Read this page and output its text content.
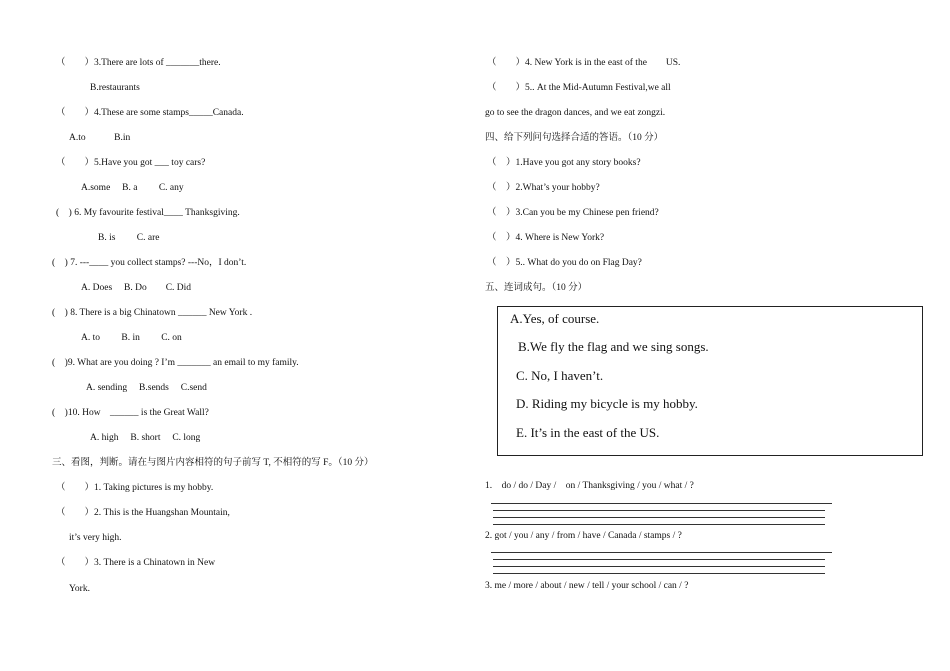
（　　）3.There are lots of _______there.
B.restaurants
（　　）4.These are some stamps_____Canada.
A.to　　　B.in
（　　）5.Have you got ___ toy cars?
A.some　 B. a　　 C. any
(　) 6. My favourite festival____ Thanksgiving.
B. is　　 C. are
(　) 7. ---____ you collect stamps? ---No，I don’t.
A. Does　 B. Do　　C. Did
(　) 8. There is a big Chinatown ______ New York .
A. to　　 B. in　　 C. on
(　)9. What are you doing ? I’m _______ an email to my family.
A. sending　 B.sends　 C.send
(　)10. How　______ is the Great Wall?
A. high　 B. short　 C. long
三、看图，判断。请在与图片内容相符的句子前写 T, 不相符的写 F。（10 分）
（　　）1. Taking pictures is my hobby.
（　　）2. This is the Huangshan Mountain,
it’s very high.
（　　）3. There is a Chinatown in New
York.
（　　）4. New York is in the east of the　　US.
（　　）5.. At the Mid-Autumn Festival,we all
go to see the dragon dances, and we eat zongzi.
四、给下列问句选择合适的答语。（10 分）
（　）1.Have you got any story books?
（　）2.What’s your hobby?
（　）3.Can you be my Chinese pen friend?
（　）4. Where is New York?
（　）5.. What do you do on Flag Day?
五、连词成句。（10 分）
A.Yes, of course.
B.We fly the flag and we sing songs.
C. No, I haven’t.
D. Riding my bicycle is my hobby.
E. It’s in the east of the US.
1.　do / do / Day /　on / Thanksgiving / you / what / ?
2. got / you / any / from / have / Canada / stamps / ?
3. me / more / about / new / tell / your school / can / ?
